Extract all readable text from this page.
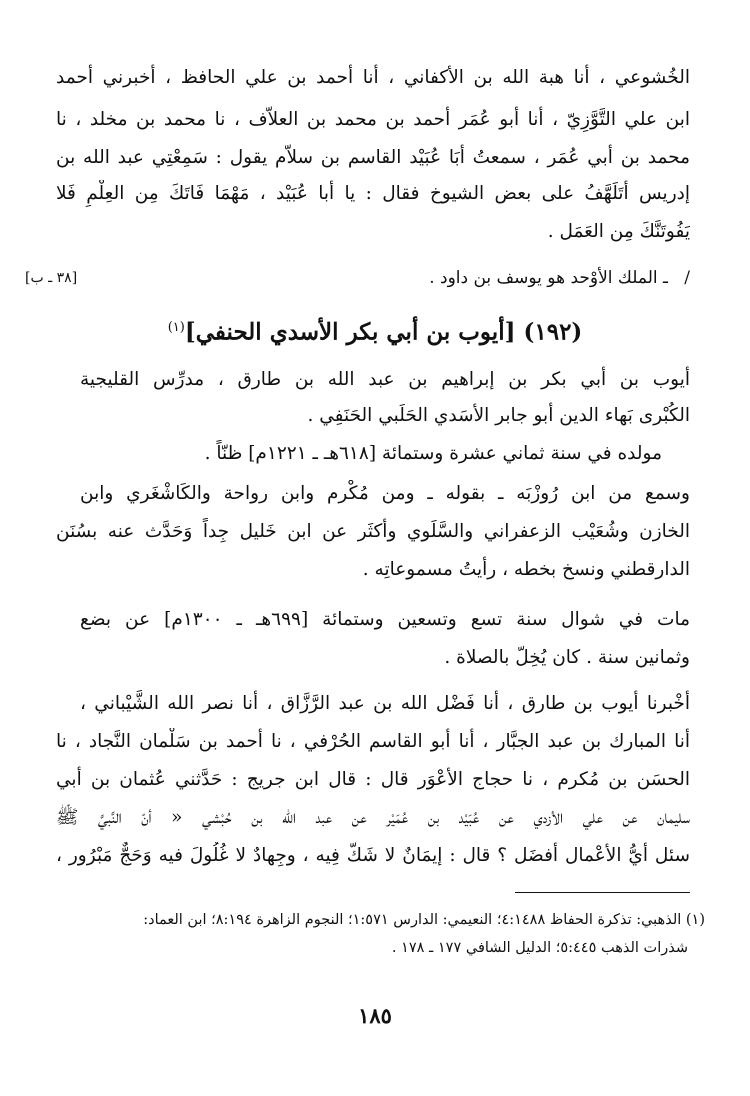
الخُشوعي ، أنا هبة الله بن الأكفاني ، أنا أحمد بن علي الحافظ ، أخبرني أحمد
ابن علي التَّوَّزِيّ ، أنا أبو عُمَر أحمد بن محمد بن العلاَّف ، نا محمد بن مخلد ، نا
محمد بن أبي عُمَر ، سمعتُ أبَا عُبَيْد القاسم بن سلاَّم يقول : سَمِعْتِي عبد الله بن
إدريس أتَلَهَّفُ على بعض الشيوخ فقال : يا أبا عُبَيْد ، مَهْمَا فَاتَكَ مِن العِلْمِ فَلا
يَفُوتَنَّكَ مِن العَمَل .
/
ـ الملك الأوْحد هو يوسف بن داود .
[٣٨ ـ ب]
(١٩٢) [أيوب بن أبي بكر الأسدي الحنفي]$^{(١)}$
أيوب بن أبي بكر بن إبراهيم بن عبد الله بن طارق ، مدرِّس القليجية
الكُبْرى بَهاء الدين أبو جابر الأسَدي الحَلَبي الحَنَفِي .
مولده في سنة ثماني عشرة وستمائة [٦١٨هـ ـ ١٢٢١م] ظنّاً .
وسمع من ابن رُوزْبَه ـ بقوله ـ ومن مُكْرم وابن رواحة والكَاشْغَري وابن
الخازن وشُعَيْب الزعفراني والسَّلَوي وأكثَر عن ابن خَليل جِداً وَحَدَّث عنه بسُنَن
الدارقطني ونسخ بخطه ، رأيتُ مسموعاتِه .
مات في شوال سنة تسع وتسعين وستمائة [٦٩٩هـ ـ ١٣٠٠م] عن بضع
وثمانين سنة . كان يُخِلّ بالصلاة .
أخْبرنا أيوب بن طارق ، أنا فَضْل الله بن عبد الرَّزَّاق ، أنا نصر الله الشَّيْباني ،
أنا المبارك بن عبد الجبَّار ، أنا أبو القاسم الحُرْفي ، نا أحمد بن سَلْمان النَّجاد ، نا
الحسَن بن مُكرم ، نا حجاج الأعْوَر قال : قال ابن جريج : حَدَّثني عُثمان بن أبي
سليمان عن علي الأزدي عن عُبَيْد بن عُمَيْر عن عبد الله بن حُبْشي « أنّ النَّبيَّ ﷺ
سئل أيُّ الأعْمال أفضَل ؟ قال : إيمَانٌ لا شَكَّ فِيه ، وجِهادٌ لا غُلُولَ فيه وَحَجٌّ مَبْرُور ،
(١) الذهبي: تذكرة الحفاظ ٤:١٤٨٨؛ النعيمي: الدارس ١:٥٧١؛ النجوم الزاهرة ٨:١٩٤؛ ابن العماد:
شذرات الذهب ٥:٤٤٥؛ الدليل الشافي ١٧٧ ـ ١٧٨ .
١٨٥
